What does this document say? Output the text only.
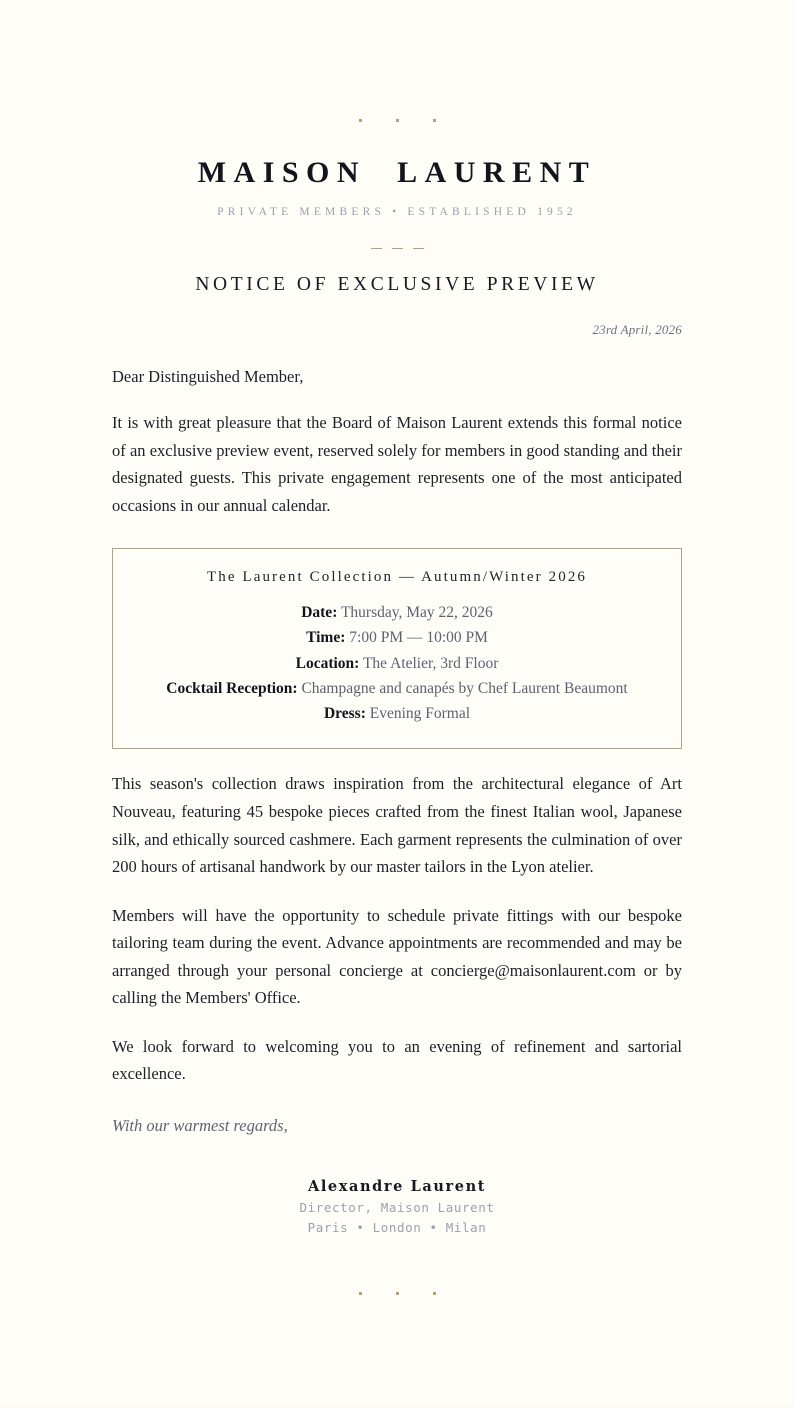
MAISON LAURENT
PRIVATE MEMBERS • ESTABLISHED 1952

NOTICE OF EXCLUSIVE PREVIEW
23rd April, 2026
Dear Distinguished Member,

It is with great pleasure that the Board of Maison Laurent extends this formal notice of an exclusive preview event, reserved solely for members in good standing and their designated guests. This private engagement represents one of the most anticipated occasions in our annual calendar.

The Laurent Collection — Autumn/Winter 2026
Date: Thursday, May 22, 2026
Time: 7:00 PM — 10:00 PM
Location: The Atelier, 3rd Floor
Cocktail Reception: Champagne and canapés by Chef Laurent Beaumont
Dress: Evening Formal

This season's collection draws inspiration from the architectural elegance of Art Nouveau, featuring 45 bespoke pieces crafted from the finest Italian wool, Japanese silk, and ethically sourced cashmere. Each garment represents the culmination of over 200 hours of artisanal handwork by our master tailors in the Lyon atelier.

Members will have the opportunity to schedule private fittings with our bespoke tailoring team during the event. Advance appointments are recommended and may be arranged through your personal concierge at concierge@maisonlaurent.com or by calling the Members' Office.

We look forward to welcoming you to an evening of refinement and sartorial excellence.

With our warmest regards,
Alexandre Laurent
Director, Maison Laurent
Paris • London • Milan
